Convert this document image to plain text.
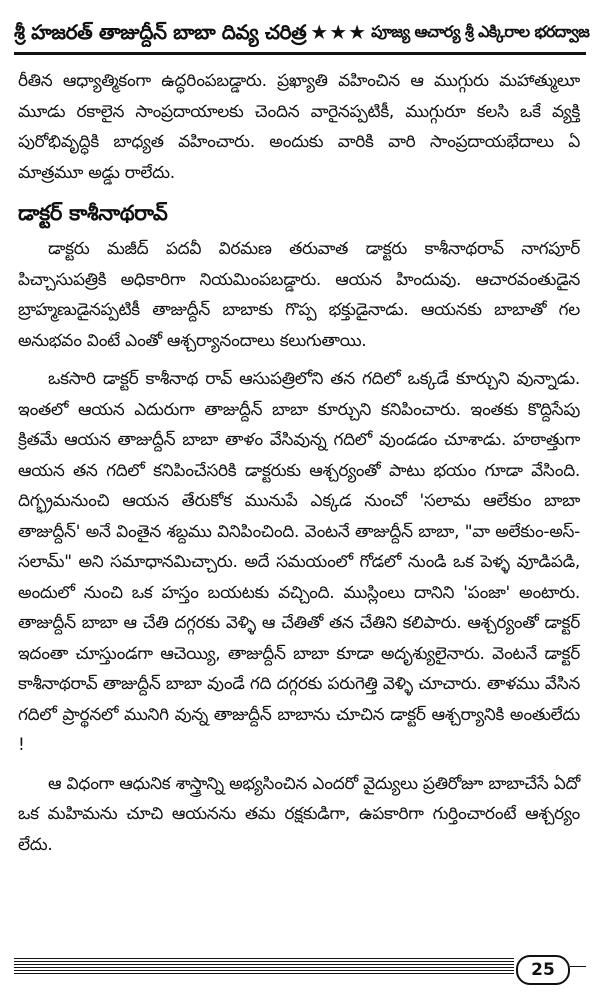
శ్రీ హజరత్ తాజుద్దీన్ బాబా దివ్య చరిత్ర ★★★ పూజ్య ఆచార్య శ్రీ ఎక్కిరాల భరద్వాజ

రీతిన ఆధ్యాత్మికంగా ఉద్ధరింపబడ్డారు. ప్రఖ్యాతి వహించిన ఆ ముగ్గురు మహాత్ములూ మూడు రకాలైన సాంప్రదాయాలకు చెందిన వారైనప్పటికీ, ముగ్గురూ కలసి ఒకే వ్యక్తి పురోభివృద్ధికి బాధ్యత వహించారు. అందుకు వారికి వారి సాంప్రదాయభేదాలు ఏ మాత్రమూ అడ్డు రాలేదు.

డాక్టర్ కాశీనాథరావ్

డాక్టరు మజీద్ పదవీ విరమణ తరువాత డాక్టరు కాశీనాథరావ్ నాగపూర్ పిచ్చాసుపత్రికి అధికారిగా నియమింపబడ్డారు. ఆయన హిందువు. ఆచారవంతుడైన బ్రాహ్మణుడైనప్పటికీ తాజుద్దీన్ బాబాకు గొప్ప భక్తుడైనాడు. ఆయనకు బాబాతో గల అనుభవం వింటే ఎంతో ఆశ్చర్యానందాలు కలుగుతాయి.

ఒకసారి డాక్టర్ కాశీనాథ రావ్ ఆసుపత్రిలోని తన గదిలో ఒక్కడే కూర్చుని వున్నాడు. ఇంతలో ఆయన ఎదురుగా తాజుద్దీన్ బాబా కూర్చుని కనిపించారు. ఇంతకు కొద్దిసేపు క్రితమే ఆయన తాజుద్దీన్ బాబా తాళం వేసివున్న గదిలో వుండడం చూశాడు. హఠాత్తుగా ఆయన తన గదిలో కనిపించేసరికి డాక్టరుకు ఆశ్చర్యంతో పాటు భయం గూడా వేసింది. దిగ్భ్రమనుంచి ఆయన తేరుకోక మునుపే ఎక్కడ నుంచో 'సలామ ఆలేకుం బాబా తాజుద్దీన్' అనే వింతైన శబ్దము వినిపించింది. వెంటనే తాజుద్దీన్ బాబా, "వా అలేకుం-అస్-సలామ్" అని సమాధానమిచ్చారు. అదే సమయంలో గోడలో నుండి ఒక పెళ్ళ వూడిపడి, అందులో నుంచి ఒక హస్తం బయటకు వచ్చింది. ముస్లింలు దానిని 'పంజా' అంటారు. తాజుద్దీన్ బాబా ఆ చేతి దగ్గరకు వెళ్ళి ఆ చేతితో తన చేతిని కలిపారు. ఆశ్చర్యంతో డాక్టర్ ఇదంతా చూస్తుండగా ఆచెయ్యి, తాజుద్దీన్ బాబా కూడా అదృశ్యులైనారు. వెంటనే డాక్టర్ కాశీనాథరావ్ తాజుద్దీన్ బాబా వుండే గది దగ్గరకు పరుగెత్తి వెళ్ళి చూచారు. తాళము వేసిన గదిలో ప్రార్థనలో మునిగి వున్న తాజుద్దీన్ బాబాను చూచిన డాక్టర్ ఆశ్చర్యానికి అంతులేదు !

ఆ విధంగా ఆధునిక శాస్త్రాన్ని అభ్యసించిన ఎందరో వైద్యులు ప్రతిరోజూ బాబాచేసే ఏదో ఒక మహిమను చూచి ఆయనను తమ రక్షకుడిగా, ఉపకారిగా గుర్తించారంటే ఆశ్చర్యం లేదు.

25
